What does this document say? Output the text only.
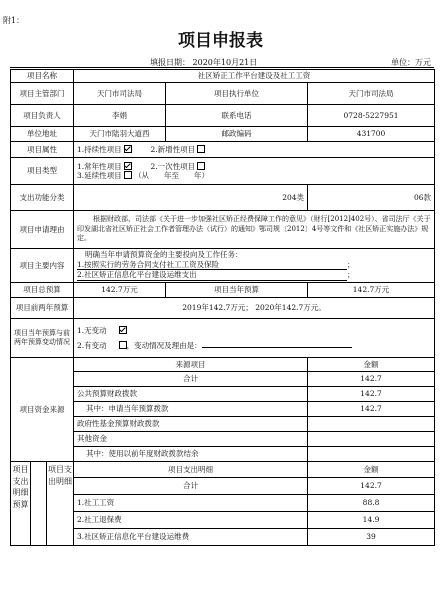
附1：
项目申报表
填报日期： 2020年10月21日	单位：万元
项目名称			社区矫正工作平台建设及社工工资		
项目主管部门			天门市司法局	项目执行单位	天门市司法局
项目负责人			李娟	联系电话	0728-5227951
单位地址			天门市陆羽大道西	邮政编码	431700
项目属性			1.持续性项目 2.新增性项目		
项目类型			1.常年性项目 2.一次性项目
3.延续性项目 （从　　年至　　年）		

支出功能分类			204类		06款
项目申请理由			根据财政部、司法部《关于进一步加强社区矫正经费保障工作的意见》（财行[2012]402号）、省司法厅《关于印发湖北省社区矫正社会工作者管理办法（试行）的通知》鄂司规〔2012〕4号等文件和《社区矫正实施办法》规定。		
项目主要内容			明确当年申请预算资金的主要投向及工作任务：
1.按照实行的劳务合同支付社工工资及保险 ；
2.社区矫正信息化平台建设运维支出 ；		

项目总预算			142.7万元	项目当年预算	142.7万元
项目前两年预算			2019年142.7万元； 2020年142.7万元。		
项目当年预算与前两年预算变动情况			1.无变动
2.有变动 ，变动情况及理由是：		

项目资金来源			来源项目		金额
			合计		142.7
			公共预算财政拨款		142.7
			其中：申请当年预算拨款		142.7
			政府性基金预算财政拨款		
			其他资金		
			其中：使用以前年度财政拨款结余		
项目支出明细预算		项目支出明细	项目支出明细		金额
			合计		142.7
			1.社工工资		88.8
			2.社工退保费		14.9
			3.社区矫正信息化平台建设运维费		39
